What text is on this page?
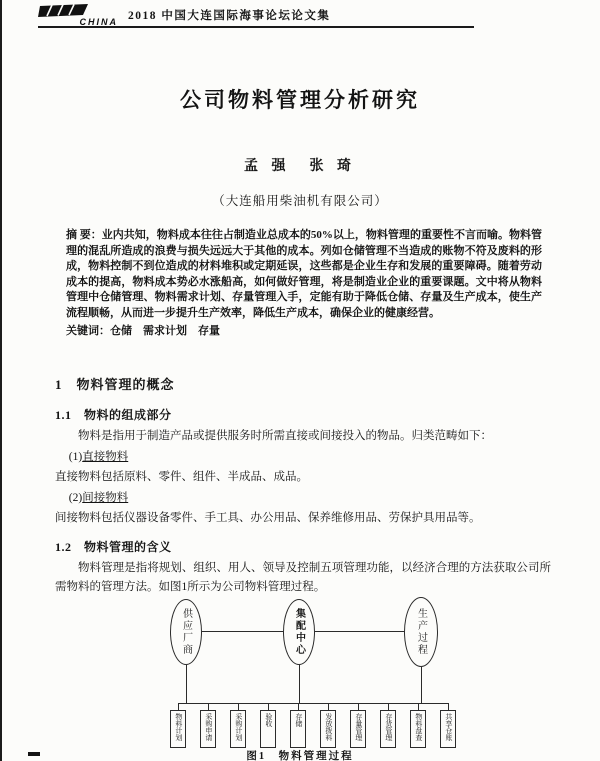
CHINA 2018 中国大连国际海事论坛论文集
公司物料管理分析研究
孟 强　张 琦
（大连船用柴油机有限公司）

摘 要：业内共知，物料成本往往占制造业总成本的50%以上，物料管理的重要性不言而喻。物料管理的混乱所造成的浪费与损失远远大于其他的成本。列如仓储管理不当造成的账物不符及废料的形成，物料控制不到位造成的材料堆积或定期延误，这些都是企业生存和发展的重要障碍。随着劳动成本的提高，物料成本势必水涨船高，如何做好管理，将是制造业企业的重要课题。文中将从物料管理中仓储管理、物料需求计划、存量管理入手，定能有助于降低仓储、存量及生产成本，使生产流程顺畅，从而进一步提升生产效率，降低生产成本，确保企业的健康经营。

关键词：仓储　需求计划　存量

1　物料管理的概念
1.1　物料的组成部分
物料是指用于制造产品或提供服务时所需直接或间接投入的物品。归类范畴如下：
(1)直接物料
直接物料包括原料、零件、组件、半成品、成品。
(2)间接物料
间接物料包括仪器设备零件、手工具、办公用品、保养维修用品、劳保护具用品等。
1.2　物料管理的含义
物料管理是指将规划、组织、用人、领导及控制五项管理功能，以经济合理的方法获取公司所需物料的管理方法。如图1所示为公司物料管理过程。
供应厂商	集配中心	生产过程
物料计划	采购申请	采购计划	验收	存储	发放拨料	存量管理	存货管理	物料盘查	共享仓账
图1　物料管理过程
